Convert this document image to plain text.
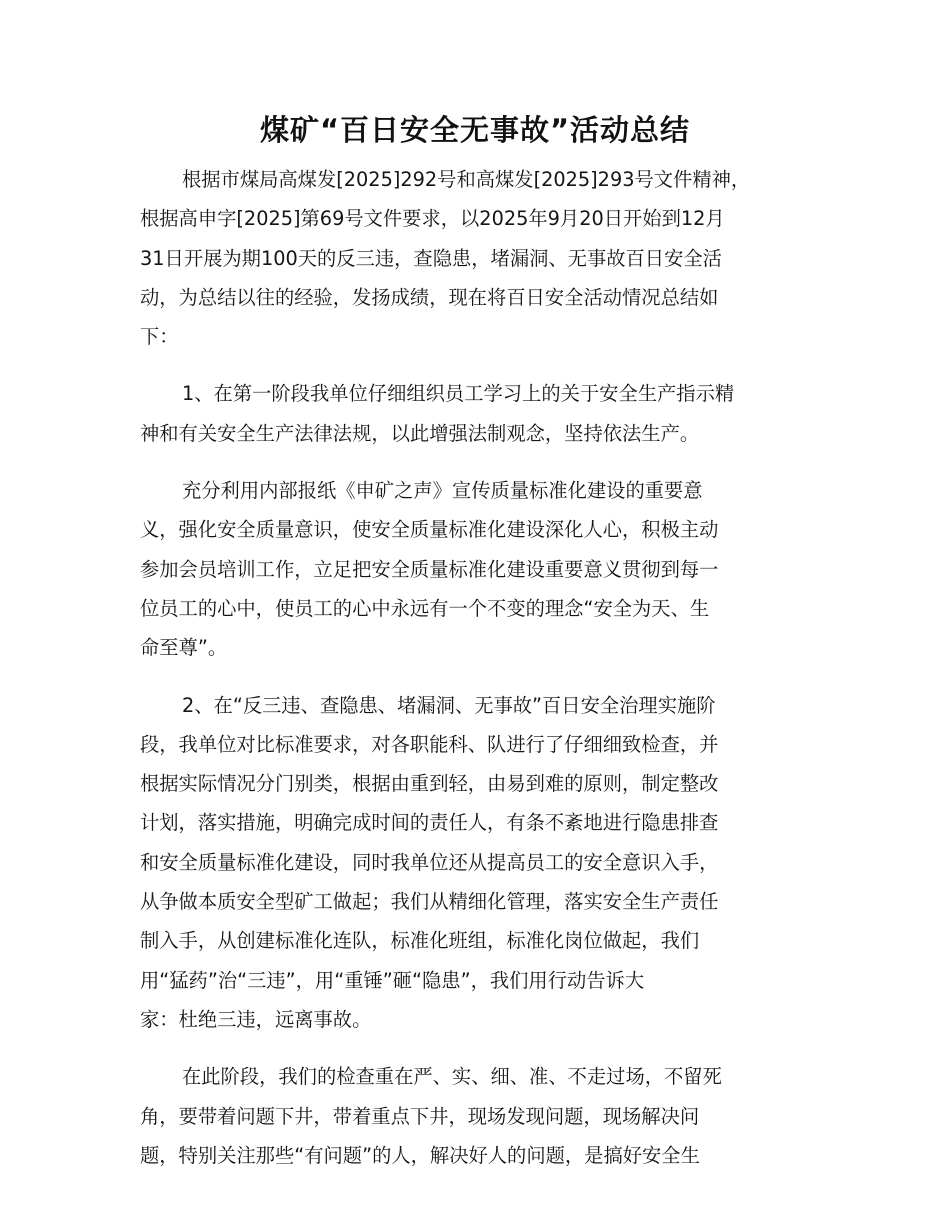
煤矿“百日安全无事故”活动总结
根据市煤局高煤发[2025]292号和高煤发[2025]293号文件精神，
根据高申字[2025]第69号文件要求，以2025年9月20日开始到12月
31日开展为期100天的反三违，查隐患，堵漏洞、无事故百日安全活
动，为总结以往的经验，发扬成绩，现在将百日安全活动情况总结如
下：
1、在第一阶段我单位仔细组织员工学习上的关于安全生产指示精
神和有关安全生产法律法规，以此增强法制观念，坚持依法生产。
充分利用内部报纸《申矿之声》宣传质量标准化建设的重要意
义，强化安全质量意识，使安全质量标准化建设深化人心，积极主动
参加会员培训工作，立足把安全质量标准化建设重要意义贯彻到每一
位员工的心中，使员工的心中永远有一个不变的理念“安全为天、生
命至尊”。
2、在“反三违、查隐患、堵漏洞、无事故”百日安全治理实施阶
段，我单位对比标准要求，对各职能科、队进行了仔细细致检查，并
根据实际情况分门别类，根据由重到轻，由易到难的原则，制定整改
计划，落实措施，明确完成时间的责任人，有条不紊地进行隐患排查
和安全质量标准化建设，同时我单位还从提高员工的安全意识入手，
从争做本质安全型矿工做起；我们从精细化管理，落实安全生产责任
制入手，从创建标准化连队，标准化班组，标准化岗位做起，我们
用“猛药”治“三违”，用“重锤”砸“隐患”，我们用行动告诉大
家：杜绝三违，远离事故。
在此阶段，我们的检查重在严、实、细、准、不走过场，不留死
角，要带着问题下井，带着重点下井，现场发现问题，现场解决问
题，特别关注那些“有问题”的人，解决好人的问题，是搞好安全生
